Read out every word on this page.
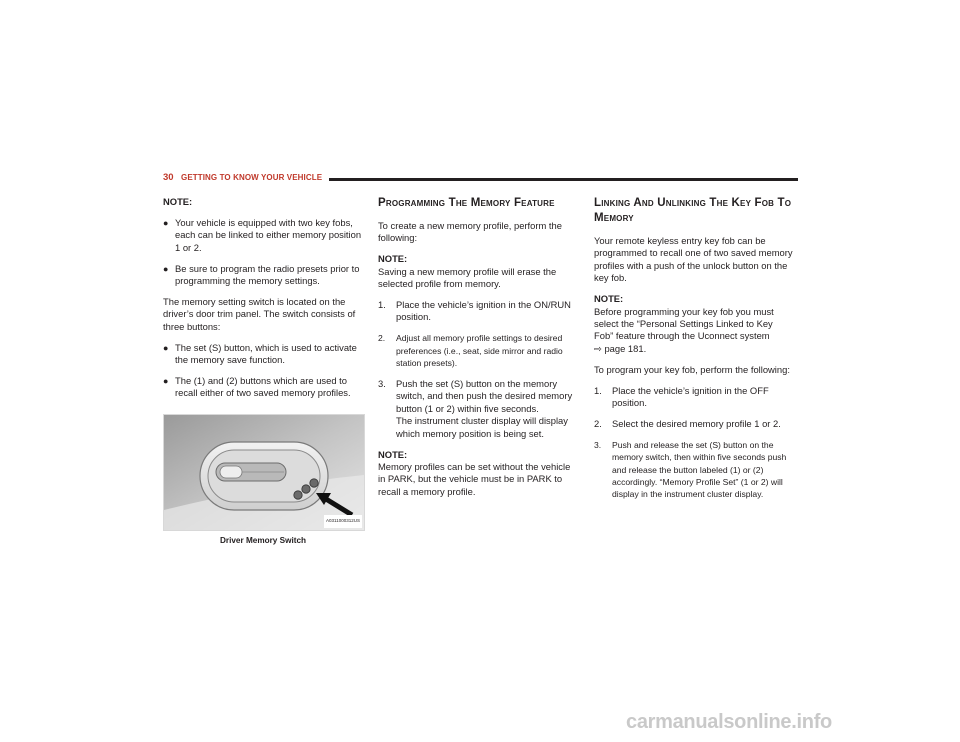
30 GETTING TO KNOW YOUR VEHICLE

NOTE:

● Your vehicle is equipped with two key fobs, each can be linked to either memory position 1 or 2.
● Be sure to program the radio presets prior to programming the memory settings.

The memory setting switch is located on the driver’s door trim panel. The switch consists of three buttons:

● The set (S) button, which is used to activate the memory save function.
● The (1) and (2) buttons which are used to recall either of two saved memory profiles.
A0311000312US
Driver Memory Switch
Programming The Memory Feature

To create a new memory profile, perform the following:

NOTE:
Saving a new memory profile will erase the selected profile from memory.

1. Place the vehicle’s ignition in the ON/RUN position.
2. Adjust all memory profile settings to desired preferences (i.e., seat, side mirror and radio station presets).
3. Push the set (S) button on the memory switch, and then push the desired memory button (1 or 2) within five seconds.
The instrument cluster display will display which memory position is being set.

NOTE:
Memory profiles can be set without the vehicle in PARK, but the vehicle must be in PARK to recall a memory profile.

Linking And Unlinking The Key Fob To Memory

Your remote keyless entry key fob can be programmed to recall one of two saved memory profiles with a push of the unlock button on the key fob.

NOTE:
Before programming your key fob you must select the “Personal Settings Linked to Key Fob” feature through the Uconnect system
⇨ page 181.

To program your key fob, perform the following:

1. Place the vehicle’s ignition in the OFF position.
2. Select the desired memory profile 1 or 2.
3. Push and release the set (S) button on the memory switch, then within five seconds push and release the button labeled (1) or (2) accordingly. “Memory Profile Set” (1 or 2) will display in the instrument cluster display.
carmanualsonline.info
